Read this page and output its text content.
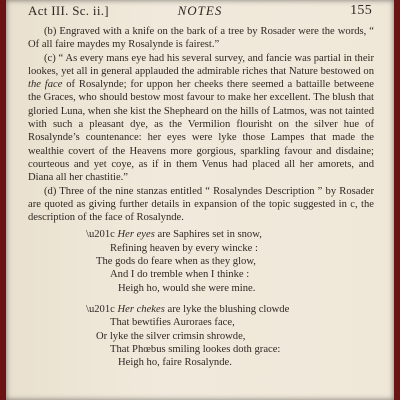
Act III. Sc. ii.]	NOTES	155

(b) Engraved with a knife on the bark of a tree by Rosader were the words, “ Of all faire maydes my Rosalynde is fairest.”

(c) “ As every mans eye had his several survey, and fancie was partial in their lookes, yet all in general applauded the admirable riches that Nature bestowed on the face of Rosalynde; for uppon her cheeks there seemed a battaille betweene the Graces, who should bestow most favour to make her excellent. The blush that gloried Luna, when she kist the Shepheard on the hills of Latmos, was not tainted with such a pleasant dye, as the Vermilion flourisht on the silver hue of Rosalynde’s countenance: her eyes were lyke those Lampes that made the wealthie covert of the Heavens more gorgious, sparkling favour and disdaine; courteous and yet coye, as if in them Venus had placed all her amorets, and Diana all her chastitie.”

(d) Three of the nine stanzas entitled “ Rosalyndes Description ” by Rosader are quoted as giving further details in expansion of the topic suggested in c, the description of the face of Rosalynde.

\u201c Her eyes are Saphires set in snow,
Refining heaven by every wincke :
The gods do feare when as they glow,
And I do tremble when I thinke :
Heigh ho, would she were mine.
\u201c Her chekes are lyke the blushing clowde
That bewtifies Auroraes face,
Or lyke the silver crimsin shrowde,
That Phœbus smiling lookes doth grace:
Heigh ho, faire Rosalynde.
